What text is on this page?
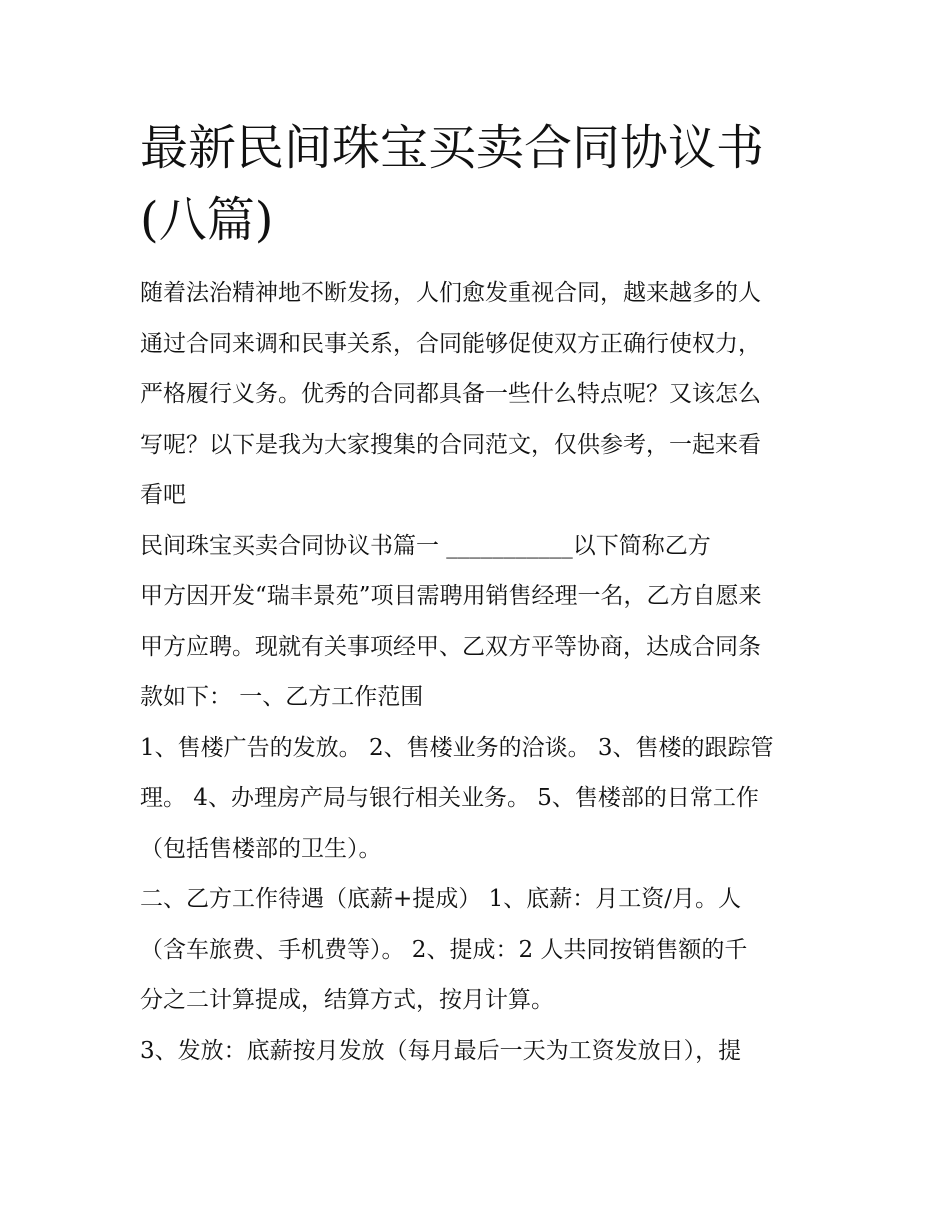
最新民间珠宝买卖合同协议书
(八篇)
随着法治精神地不断发扬，人们愈发重视合同，越来越多的人
通过合同来调和民事关系，合同能够促使双方正确行使权力，
严格履行义务。优秀的合同都具备一些什么特点呢？又该怎么
写呢？以下是我为大家搜集的合同范文，仅供参考，一起来看
看吧
民间珠宝买卖合同协议书篇一 ___________以下简称乙方
甲方因开发“瑞丰景苑”项目需聘用销售经理一名，乙方自愿来
甲方应聘。现就有关事项经甲、乙双方平等协商，达成合同条
款如下： 一、乙方工作范围
1、售楼广告的发放。 2、售楼业务的洽谈。 3、售楼的跟踪管
理。 4、办理房产局与银行相关业务。 5、售楼部的日常工作
（包括售楼部的卫生）。
二、乙方工作待遇（底薪+提成） 1、底薪：月工资/月。人
（含车旅费、手机费等）。 2、提成：2 人共同按销售额的千
分之二计算提成，结算方式，按月计算。
3、发放：底薪按月发放（每月最后一天为工资发放日），提
